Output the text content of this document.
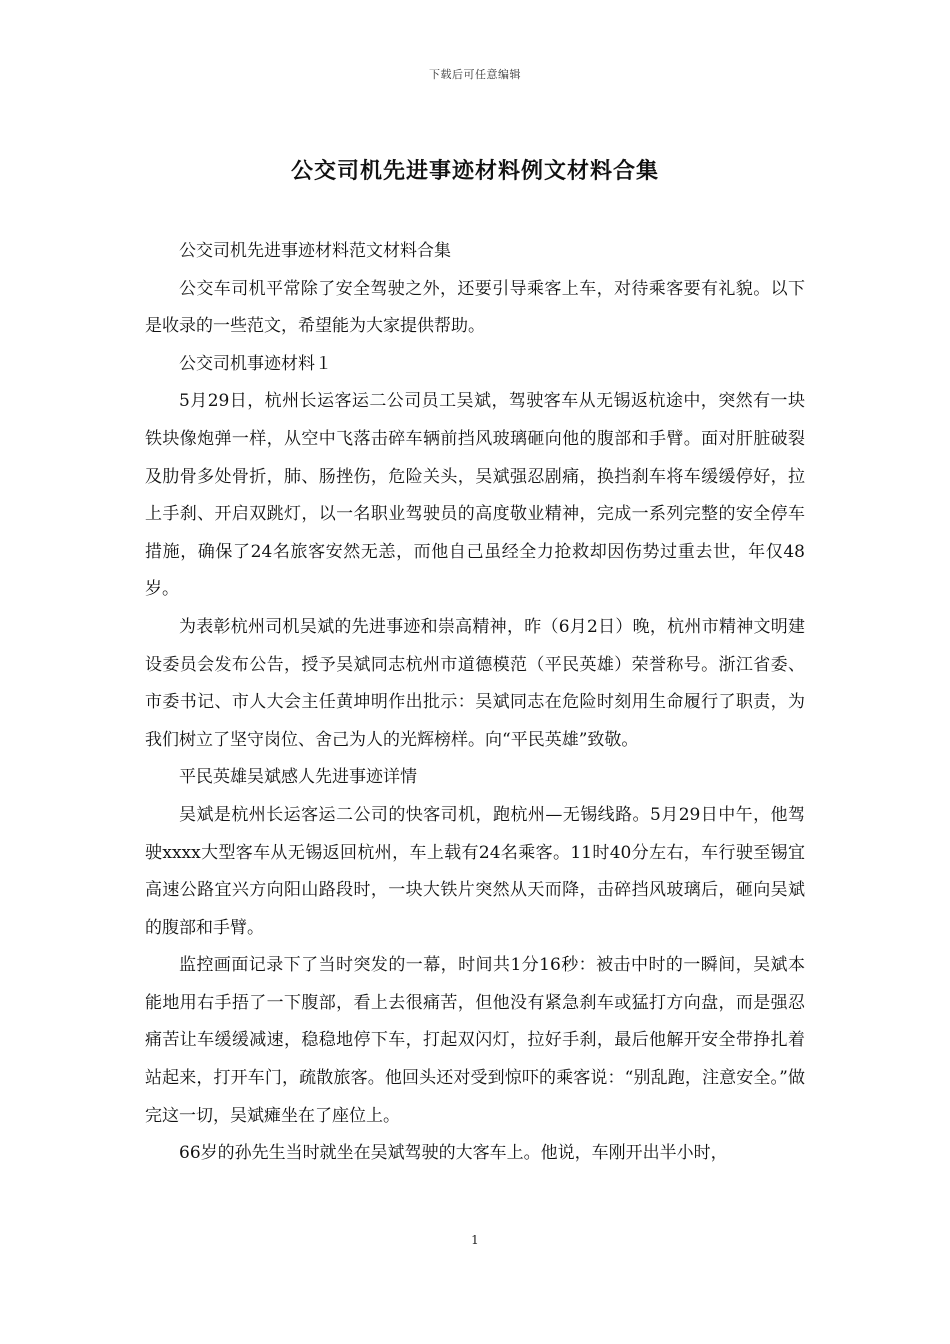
下载后可任意编辑
公交司机先进事迹材料例文材料合集

公交司机先进事迹材料范文材料合集

公交车司机平常除了安全驾驶之外，还要引导乘客上车，对待乘客要有礼貌。以下是收录的一些范文，希望能为大家提供帮助。

公交司机事迹材料１

5月29日，杭州长运客运二公司员工吴斌，驾驶客车从无锡返杭途中，突然有一块铁块像炮弹一样，从空中飞落击碎车辆前挡风玻璃砸向他的腹部和手臂。面对肝脏破裂及肋骨多处骨折，肺、肠挫伤，危险关头，吴斌强忍剧痛，换挡刹车将车缓缓停好，拉上手刹、开启双跳灯，以一名职业驾驶员的高度敬业精神，完成一系列完整的安全停车措施，确保了24名旅客安然无恙，而他自己虽经全力抢救却因伤势过重去世，年仅48岁。

为表彰杭州司机吴斌的先进事迹和崇高精神，昨（6月2日）晚，杭州市精神文明建设委员会发布公告，授予吴斌同志杭州市道德模范（平民英雄）荣誉称号。浙江省委、市委书记、市人大会主任黄坤明作出批示：吴斌同志在危险时刻用生命履行了职责，为我们树立了坚守岗位、舍己为人的光辉榜样。向“平民英雄”致敬。

平民英雄吴斌感人先进事迹详情

吴斌是杭州长运客运二公司的快客司机，跑杭州—无锡线路。5月29日中午，他驾驶xxxx大型客车从无锡返回杭州，车上载有24名乘客。11时40分左右，车行驶至锡宜高速公路宜兴方向阳山路段时，一块大铁片突然从天而降，击碎挡风玻璃后，砸向吴斌的腹部和手臂。

监控画面记录下了当时突发的一幕，时间共1分16秒：被击中时的一瞬间，吴斌本能地用右手捂了一下腹部，看上去很痛苦，但他没有紧急刹车或猛打方向盘，而是强忍痛苦让车缓缓减速，稳稳地停下车，打起双闪灯，拉好手刹，最后他解开安全带挣扎着站起来，打开车门，疏散旅客。他回头还对受到惊吓的乘客说：“别乱跑，注意安全。”做完这一切，吴斌瘫坐在了座位上。

66岁的孙先生当时就坐在吴斌驾驶的大客车上。他说，车刚开出半小时，

1
